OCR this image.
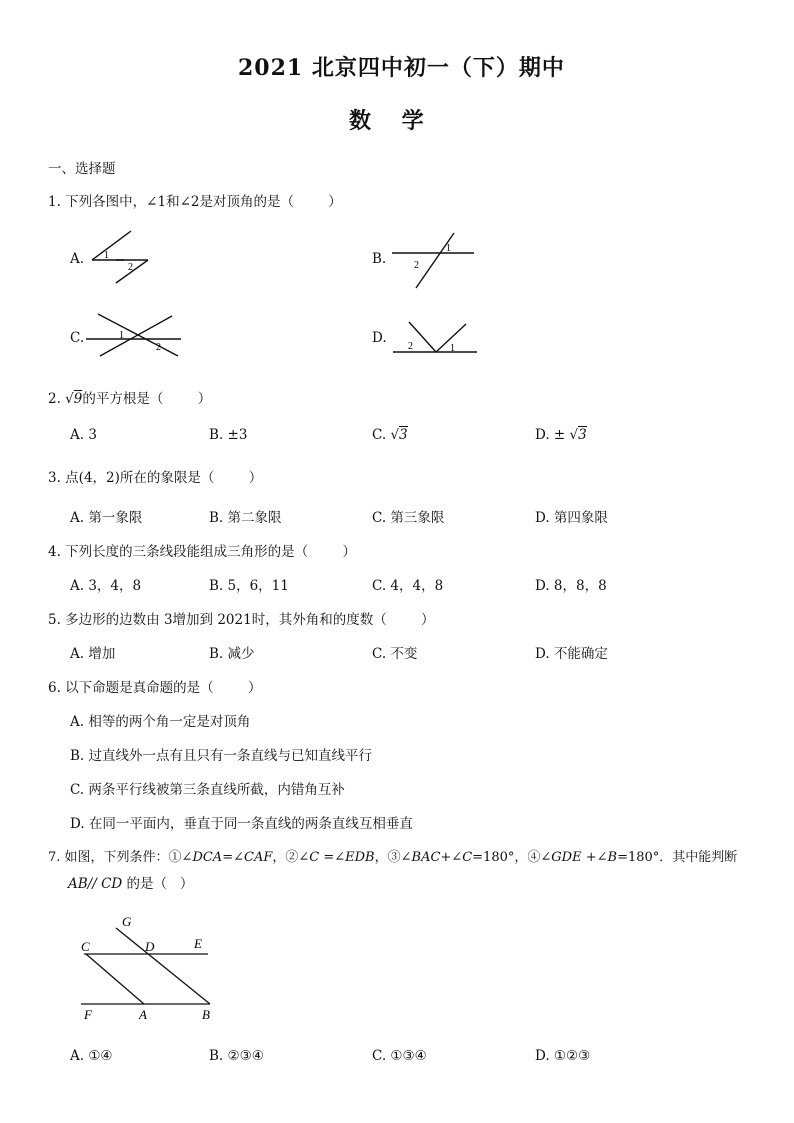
2021 北京四中初一（下）期中
数    学
一、选择题
1. 下列各图中，∠1和∠2是对顶角的是（        ）
A. 1
2
B.
1
2
C.	1
2
D.
2	1
2. √9的平方根是（        ）
A. 3	B. ±3	C. √3	D. ± √3
3. 点(4，2)所在的象限是（        ）
A. 第一象限	B. 第二象限	C. 第三象限	D. 第四象限
4. 下列长度的三条线段能组成三角形的是（        ）
A. 3，4，8	B. 5，6，11	C. 4，4，8	D. 8，8，8
5. 多边形的边数由 3增加到 2021时，其外角和的度数（        ）
A. 增加	B. 减少	C. 不变	D. 不能确定
6. 以下命题是真命题的是（        ）
A. 相等的两个角一定是对顶角
B. 过直线外一点有且只有一条直线与已知直线平行
C. 两条平行线被第三条直线所截，内错角互补
D. 在同一平面内，垂直于同一条直线的两条直线互相垂直
7. 如图，下列条件：①∠DCA=∠CAF，②∠C =∠EDB，③∠BAC+∠C=180°，④∠GDE +∠B=180°．其中能判断
AB// CD 的是（   ）
G
C	D	E
F	A	B
A. ①④	B. ②③④	C. ①③④	D. ①②③
